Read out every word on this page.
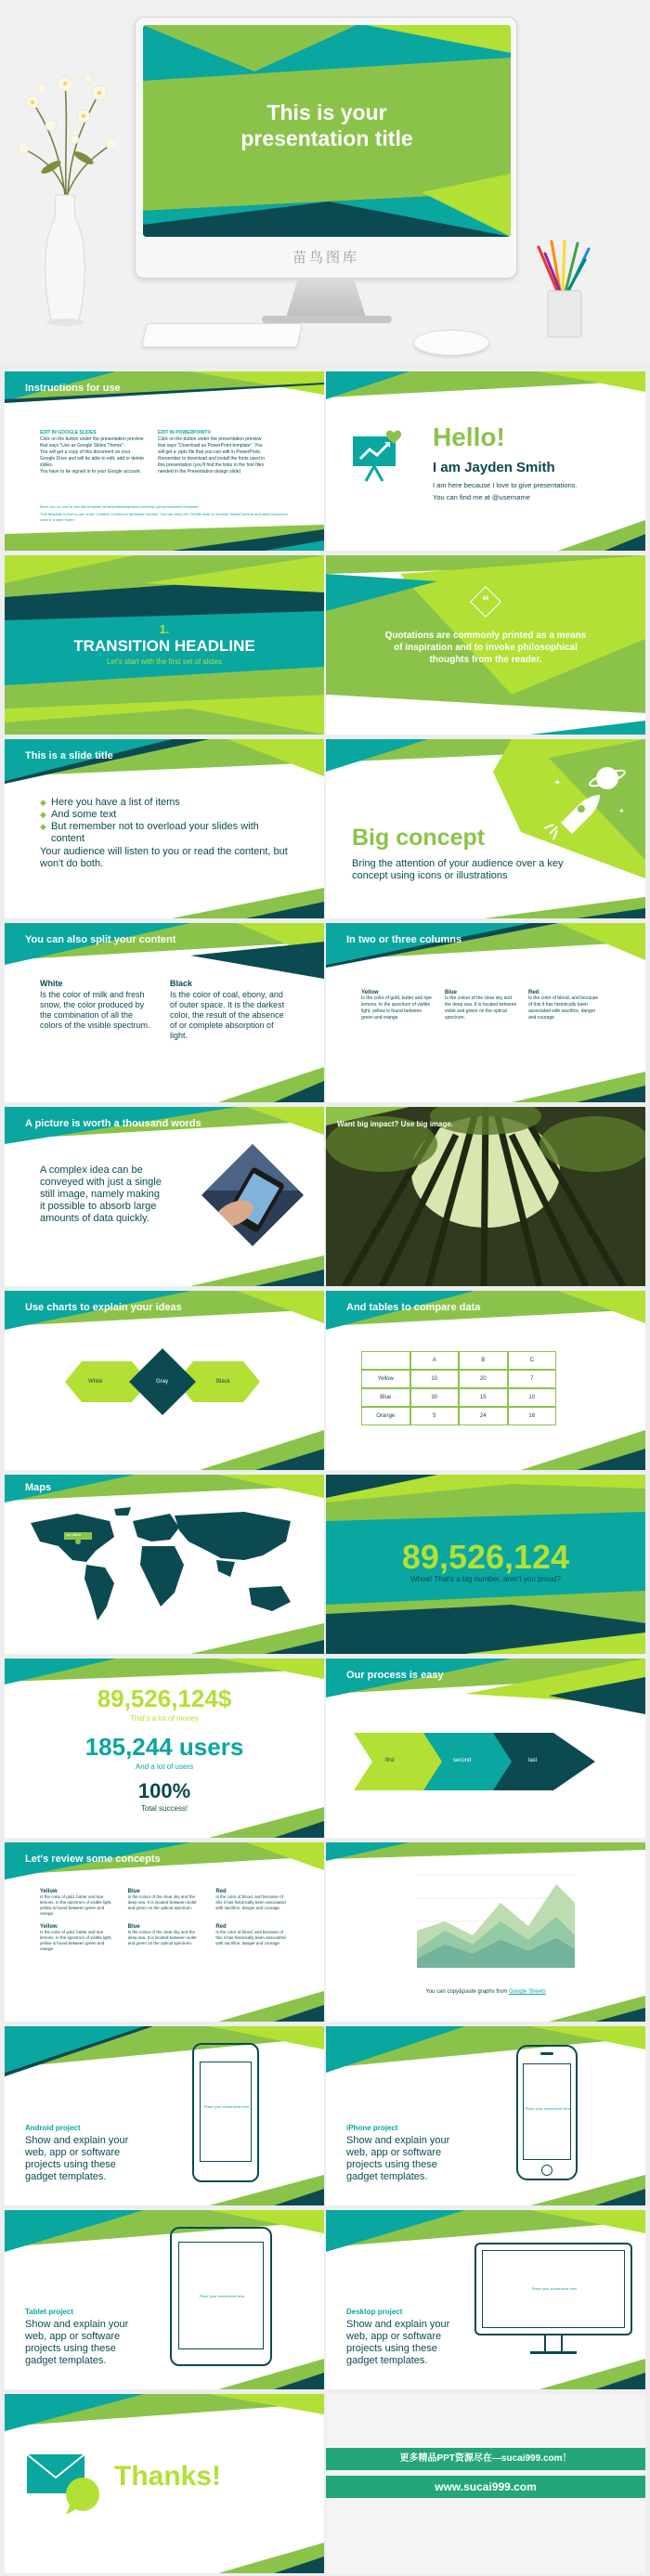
This is your
presentation title
苗鸟图库
Instructions for use
EDIT IN GOOGLE SLIDES
Click on the button under the presentation preview that says "Use as Google Slides Theme".
You will get a copy of this document on your Google Drive and will be able to edit, add or delete slides.
You have to be signed in to your Google account.
EDIT IN POWERPOINT®
Click on the button under the presentation preview that says "Download as PowerPoint template". You will get a .pptx file that you can edit in PowerPoint.
Remember to download and install the fonts used in this presentation (you'll find the links to the font files needed in the Presentation design slide)
More info on how to use this template at www.slidescarnival.com/help-use-presentation-template
This template is free to use under Creative Commons Attribution license. You can keep the Credits slide or mention SlidesCarnival and other resources used in a slide footer.
Hello!
I am Jayden Smith
I am here because I love to give presentations.
You can find me at @username
1.
TRANSITION HEADLINE
Let's start with the first set of slides
❝
Quotations are commonly printed as a means of inspiration and to invoke philosophical thoughts from the reader.
This is a slide title
◆ Here you have a list of items
◆ And some text
◆ But remember not to overload your slides with content
Your audience will listen to you or read the content, but won't do both.
✦
✦
Big concept
Bring the attention of your audience over a key concept using icons or illustrations
You can also split your content
White
Is the color of milk and fresh snow, the color produced by the combination of all the colors of the visible spectrum.
Black
Is the color of coal, ebony, and of outer space. It is the darkest color, the result of the absence of or complete absorption of light.
In two or three columns
Yellow
Is the color of gold, butter and ripe lemons. In the spectrum of visible light, yellow is found between green and orange.
Blue
Is the colour of the clear sky and the deep sea. It is located between violet and green on the optical spectrum.
Red
Is the color of blood, and because of this it has historically been associated with sacrifice, danger and courage.
A picture is worth a thousand words
A complex idea can be conveyed with just a single still image, namely making it possible to absorb large amounts of data quickly.
Want big impact? Use big image.
Use charts to explain your ideas
White	Gray	Black
And tables to compare data
A	B	C
Yellow	10	20	7
Blue	30	15	10
Orange	5	24	16
Maps
our office
89,526,124
Whoa! That's a big number, aren't you proud?
89,526,124$
That's a lot of money
185,244 users
And a lot of users
100%
Total success!
Our process is easy
first	second	last
Let's review some concepts
Yellow
Is the color of gold, butter and ripe lemons. In the spectrum of visible light, yellow is found between green and orange.
Blue
Is the colour of the clear sky and the deep sea. It is located between violet and green on the optical spectrum.
Red
Is the color of blood, and because of this it has historically been associated with sacrifice, danger and courage.
Yellow
Is the color of gold, butter and ripe lemons. In the spectrum of visible light, yellow is found between green and orange.
Blue
Is the colour of the clear sky and the deep sea. It is located between violet and green on the optical spectrum.
Red
Is the color of blood, and because of this it has historically been associated with sacrifice, danger and courage.
You can copy&paste graphs from Google Sheets
Android project
Show and explain your web, app or software projects using these gadget templates.
Place your screenshot here
iPhone project
Show and explain your web, app or software projects using these gadget templates.
Place your screenshot here
Tablet project
Show and explain your web, app or software projects using these gadget templates.
Place your screenshot here
Desktop project
Show and explain your web, app or software projects using these gadget templates.
Place your screenshot here
Thanks!
更多精品PPT资源尽在—sucai999.com！
www.sucai999.com
